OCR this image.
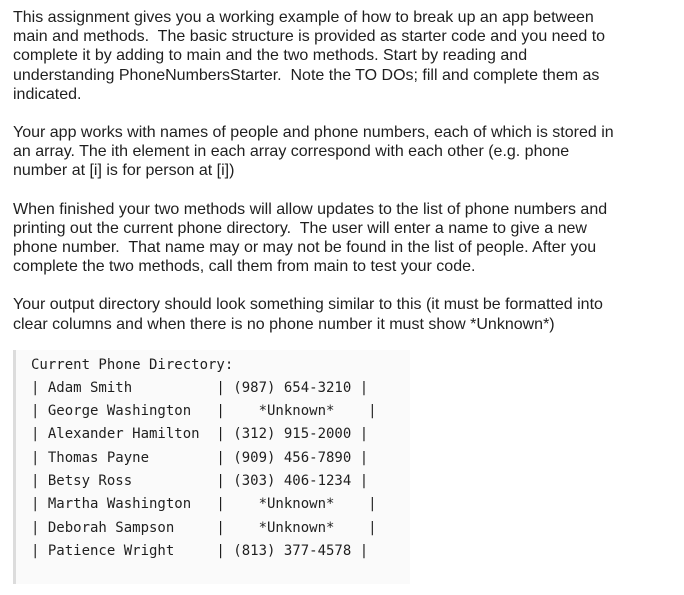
This assignment gives you a working example of how to break up an app between
main and methods.  The basic structure is provided as starter code and you need to
complete it by adding to main and the two methods. Start by reading and
understanding PhoneNumbersStarter.  Note the TO DOs; fill and complete them as
indicated.

Your app works with names of people and phone numbers, each of which is stored in
an array. The ith element in each array correspond with each other (e.g. phone
number at [i] is for person at [i])

When finished your two methods will allow updates to the list of phone numbers and
printing out the current phone directory.  The user will enter a name to give a new
phone number.  That name may or may not be found in the list of people. After you
complete the two methods, call them from main to test your code.

Your output directory should look something similar to this (it must be formatted into
clear columns and when there is no phone number it must show *Unknown*)

Current Phone Directory:
| Adam Smith          | (987) 654-3210 |
| George Washington   |    *Unknown*    |
| Alexander Hamilton  | (312) 915-2000 |
| Thomas Payne        | (909) 456-7890 |
| Betsy Ross          | (303) 406-1234 |
| Martha Washington   |    *Unknown*    |
| Deborah Sampson     |    *Unknown*    |
| Patience Wright     | (813) 377-4578 |
